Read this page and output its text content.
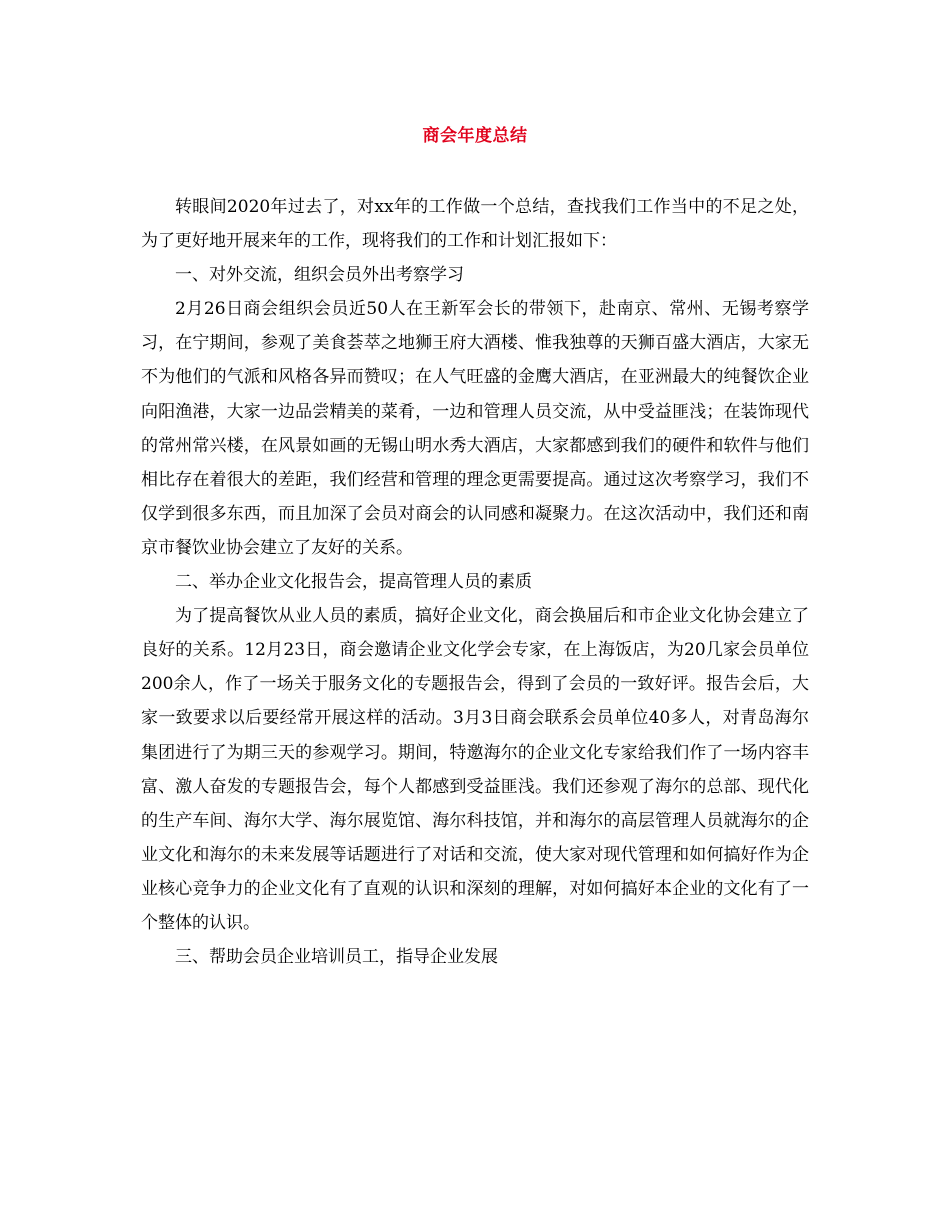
商会年度总结

转眼间2020年过去了，对xx年的工作做一个总结，查找我们工作当中的不足之处，为了更好地开展来年的工作，现将我们的工作和计划汇报如下：

一、对外交流，组织会员外出考察学习

2月26日商会组织会员近50人在王新军会长的带领下，赴南京、常州、无锡考察学习，在宁期间，参观了美食荟萃之地狮王府大酒楼、惟我独尊的天狮百盛大酒店，大家无不为他们的气派和风格各异而赞叹；在人气旺盛的金鹰大酒店，在亚洲最大的纯餐饮企业向阳渔港，大家一边品尝精美的菜肴，一边和管理人员交流，从中受益匪浅；在装饰现代的常州常兴楼，在风景如画的无锡山明水秀大酒店，大家都感到我们的硬件和软件与他们相比存在着很大的差距，我们经营和管理的理念更需要提高。通过这次考察学习，我们不仅学到很多东西，而且加深了会员对商会的认同感和凝聚力。在这次活动中，我们还和南京市餐饮业协会建立了友好的关系。

二、举办企业文化报告会，提高管理人员的素质

为了提高餐饮从业人员的素质，搞好企业文化，商会换届后和市企业文化协会建立了良好的关系。12月23日，商会邀请企业文化学会专家，在上海饭店，为20几家会员单位200余人，作了一场关于服务文化的专题报告会，得到了会员的一致好评。报告会后，大家一致要求以后要经常开展这样的活动。3月3日商会联系会员单位40多人，对青岛海尔集团进行了为期三天的参观学习。期间，特邀海尔的企业文化专家给我们作了一场内容丰富、激人奋发的专题报告会，每个人都感到受益匪浅。我们还参观了海尔的总部、现代化的生产车间、海尔大学、海尔展览馆、海尔科技馆，并和海尔的高层管理人员就海尔的企业文化和海尔的未来发展等话题进行了对话和交流，使大家对现代管理和如何搞好作为企业核心竞争力的企业文化有了直观的认识和深刻的理解，对如何搞好本企业的文化有了一个整体的认识。

三、帮助会员企业培训员工，指导企业发展
